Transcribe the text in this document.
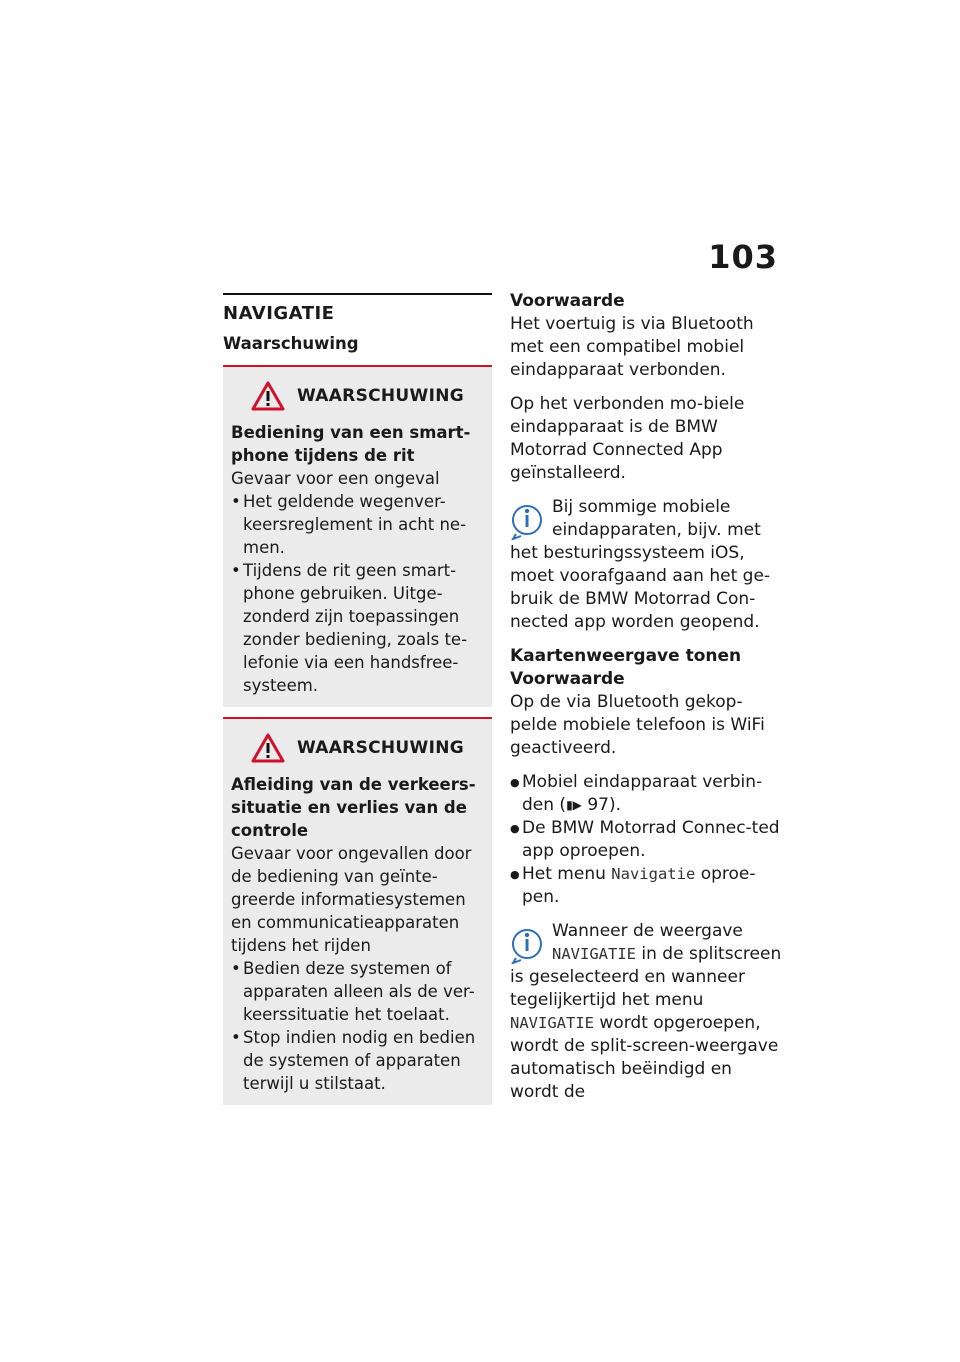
103
NAVIGATIE
Waarschuwing
WAARSCHUWING
Bediening van een smart-phone tijdens de rit
Gevaar voor een ongeval
• Het geldende wegenver-keersreglement in acht ne-men.
• Tijdens de rit geen smart-phone gebruiken. Uitge-zonderd zijn toepassingen zonder bediening, zoals te-lefonie via een handsfree-systeem.
WAARSCHUWING
Afleiding van de verkeers-situatie en verlies van de controle
Gevaar voor ongevallen door de bediening van geïnte-greerde informatiesystemen en communicatieapparaten tijdens het rijden
• Bedien deze systemen of apparaten alleen als de ver-keerssituatie het toelaat.
• Stop indien nodig en bedien de systemen of apparaten terwijl u stilstaat.

Voorwaarde

Het voertuig is via Bluetooth met een compatibel mobiel eindapparaat verbonden.

Op het verbonden mo-biele eindapparaat is de BMW Motorrad Connected App geïnstalleerd.

Bij sommige mobiele eindapparaten, bijv. met het besturingssysteem iOS, moet voorafgaand aan het ge-bruik de BMW Motorrad Con-nected app worden geopend.

Kaartenweergave tonen

Voorwaarde

Op de via Bluetooth gekop-pelde mobiele telefoon is WiFi geactiveerd.

● Mobiel eindapparaat verbin-den (▮▶ 97).
● De BMW Motorrad Connec-ted app oproepen.
● Het menu Navigatie oproe-pen.
Wanneer de weergave NAVIGATIE in de splitscreen is geselecteerd en wanneer tegelijkertijd het menu NAVIGATIE wordt opgeroepen, wordt de split-screen-weergave automatisch beëindigd en wordt de
